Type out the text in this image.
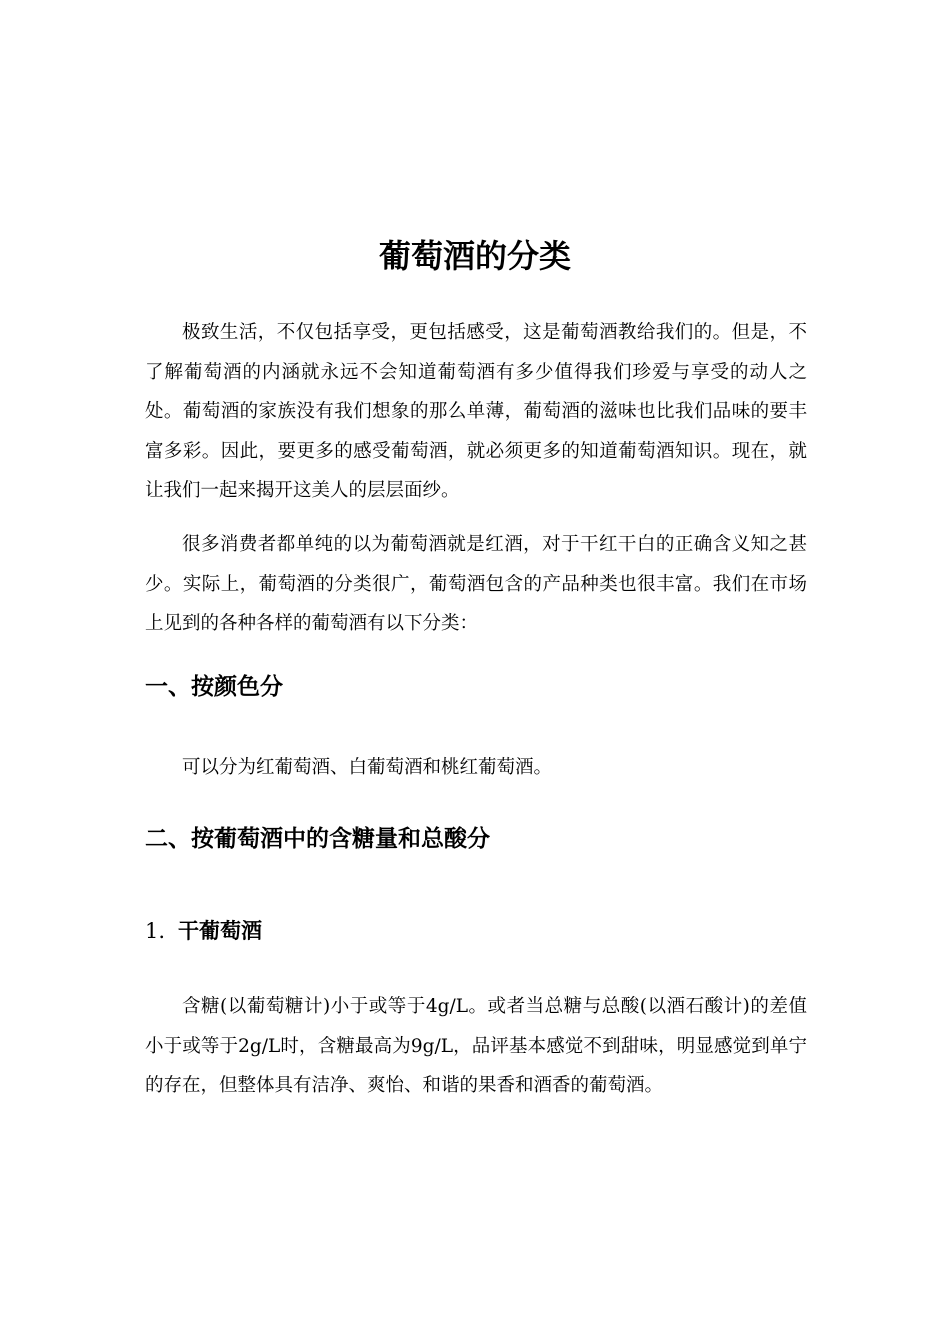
葡萄酒的分类

极致生活，不仅包括享受，更包括感受，这是葡萄酒教给我们的。但是，不了解葡萄酒的内涵就永远不会知道葡萄酒有多少值得我们珍爱与享受的动人之处。葡萄酒的家族没有我们想象的那么单薄，葡萄酒的滋味也比我们品味的要丰富多彩。因此，要更多的感受葡萄酒，就必须更多的知道葡萄酒知识。现在，就让我们一起来揭开这美人的层层面纱。

很多消费者都单纯的以为葡萄酒就是红酒，对于干红干白的正确含义知之甚少。实际上，葡萄酒的分类很广，葡萄酒包含的产品种类也很丰富。我们在市场上见到的各种各样的葡萄酒有以下分类：

一、按颜色分

可以分为红葡萄酒、白葡萄酒和桃红葡萄酒。

二、按葡萄酒中的含糖量和总酸分
1. 干葡萄酒

含糖(以葡萄糖计)小于或等于4g/L。或者当总糖与总酸(以酒石酸计)的差值小于或等于2g/L时，含糖最高为9g/L，品评基本感觉不到甜味，明显感觉到单宁的存在，但整体具有洁净、爽怡、和谐的果香和酒香的葡萄酒。
